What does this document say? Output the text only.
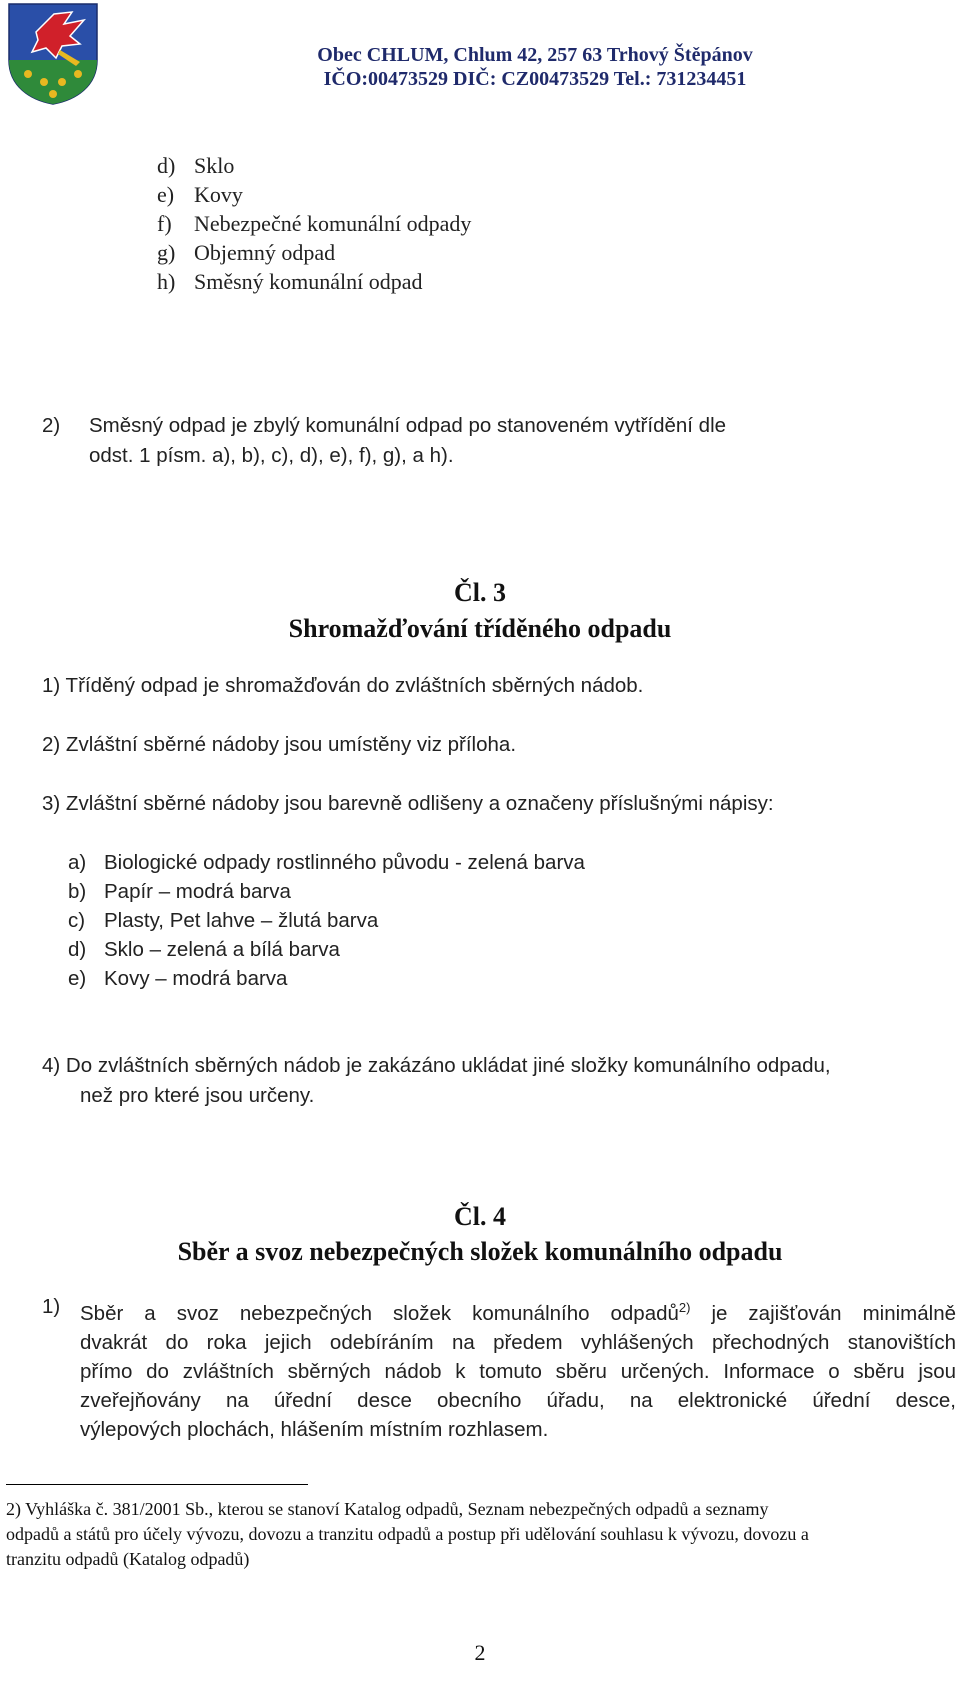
Obec CHLUM, Chlum 42, 257 63 Trhový Štěpánov
IČO:00473529 DIČ: CZ00473529 Tel.: 731234451
d) Sklo
e) Kovy
f) Nebezpečné komunální odpady
g) Objemný odpad
h) Směsný komunální odpad
2) Směsný odpad je zbylý komunální odpad po stanoveném vytřídění dle
odst. 1 písm. a), b), c), d), e), f), g), a h).
Čl. 3
Shromažďování tříděného odpadu
1) Tříděný odpad je shromažďován do zvláštních sběrných nádob.
2) Zvláštní sběrné nádoby jsou umístěny viz příloha.
3) Zvláštní sběrné nádoby jsou barevně odlišeny a označeny příslušnými nápisy:
a) Biologické odpady rostlinného původu - zelená barva
b) Papír – modrá barva
c) Plasty, Pet lahve – žlutá barva
d) Sklo – zelená a bílá barva
e) Kovy – modrá barva
4) Do zvláštních sběrných nádob je zakázáno ukládat jiné složky komunálního odpadu,
než pro které jsou určeny.
Čl. 4
Sběr a svoz nebezpečných složek komunálního odpadu
1) Sběr a svoz nebezpečných složek komunálního odpadů$^{2)}$ je zajišťován minimálně
dvakrát do roka jejich odebíráním na předem vyhlášených přechodných stanovištích
přímo do zvláštních sběrných nádob k tomuto sběru určených. Informace o sběru jsou
zveřejňovány na úřední desce obecního úřadu, na elektronické úřední desce,
výlepových plochách, hlášením místním rozhlasem.
2) Vyhláška č. 381/2001 Sb., kterou se stanoví Katalog odpadů, Seznam nebezpečných odpadů a seznamy
odpadů a států pro účely vývozu, dovozu a tranzitu odpadů a postup při udělování souhlasu k vývozu, dovozu a
tranzitu odpadů (Katalog odpadů)
2
